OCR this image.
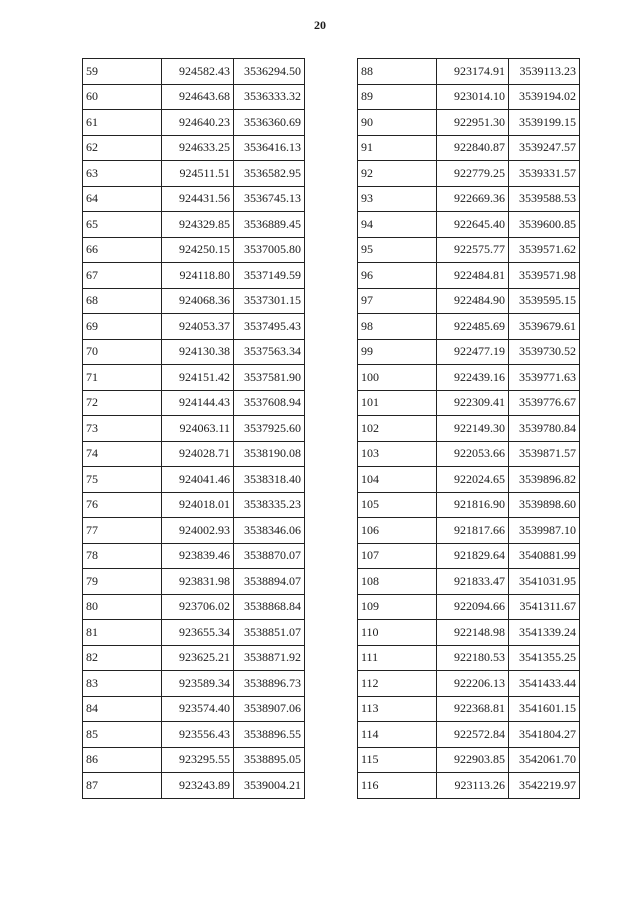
20
59	924582.43	3536294.50
60	924643.68	3536333.32
61	924640.23	3536360.69
62	924633.25	3536416.13
63	924511.51	3536582.95
64	924431.56	3536745.13
65	924329.85	3536889.45
66	924250.15	3537005.80
67	924118.80	3537149.59
68	924068.36	3537301.15
69	924053.37	3537495.43
70	924130.38	3537563.34
71	924151.42	3537581.90
72	924144.43	3537608.94
73	924063.11	3537925.60
74	924028.71	3538190.08
75	924041.46	3538318.40
76	924018.01	3538335.23
77	924002.93	3538346.06
78	923839.46	3538870.07
79	923831.98	3538894.07
80	923706.02	3538868.84
81	923655.34	3538851.07
82	923625.21	3538871.92
83	923589.34	3538896.73
84	923574.40	3538907.06
85	923556.43	3538896.55
86	923295.55	3538895.05
87	923243.89	3539004.21
88	923174.91	3539113.23
89	923014.10	3539194.02
90	922951.30	3539199.15
91	922840.87	3539247.57
92	922779.25	3539331.57
93	922669.36	3539588.53
94	922645.40	3539600.85
95	922575.77	3539571.62
96	922484.81	3539571.98
97	922484.90	3539595.15
98	922485.69	3539679.61
99	922477.19	3539730.52
100	922439.16	3539771.63
101	922309.41	3539776.67
102	922149.30	3539780.84
103	922053.66	3539871.57
104	922024.65	3539896.82
105	921816.90	3539898.60
106	921817.66	3539987.10
107	921829.64	3540881.99
108	921833.47	3541031.95
109	922094.66	3541311.67
110	922148.98	3541339.24
111	922180.53	3541355.25
112	922206.13	3541433.44
113	922368.81	3541601.15
114	922572.84	3541804.27
115	922903.85	3542061.70
116	923113.26	3542219.97
